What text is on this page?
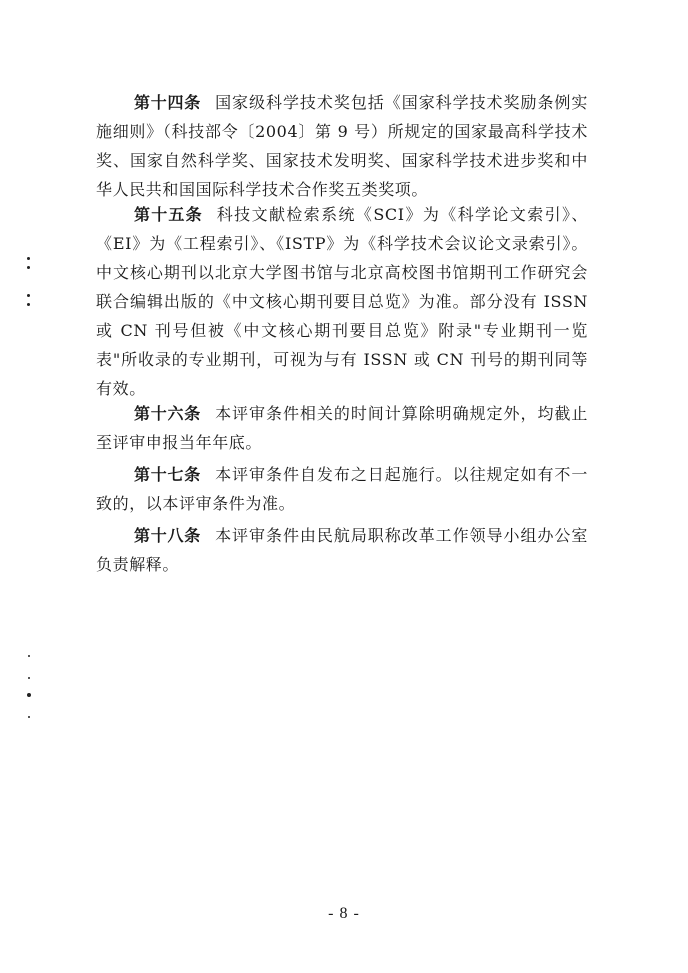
第十四条 国家级科学技术奖包括《国家科学技术奖励条例实施细则》（科技部令〔2004〕第 9 号）所规定的国家最高科学技术奖、国家自然科学奖、国家技术发明奖、国家科学技术进步奖和中华人民共和国国际科学技术合作奖五类奖项。

第十五条 科技文献检索系统《SCI》为《科学论文索引》、《EI》为《工程索引》、《ISTP》为《科学技术会议论文录索引》。中文核心期刊以北京大学图书馆与北京高校图书馆期刊工作研究会联合编辑出版的《中文核心期刊要目总览》为准。部分没有 ISSN 或 CN 刊号但被《中文核心期刊要目总览》附录"专业期刊一览表"所收录的专业期刊，可视为与有 ISSN 或 CN 刊号的期刊同等有效。

第十六条 本评审条件相关的时间计算除明确规定外，均截止至评审申报当年年底。

第十七条 本评审条件自发布之日起施行。以往规定如有不一致的，以本评审条件为准。

第十八条 本评审条件由民航局职称改革工作领导小组办公室负责解释。

- 8 -
